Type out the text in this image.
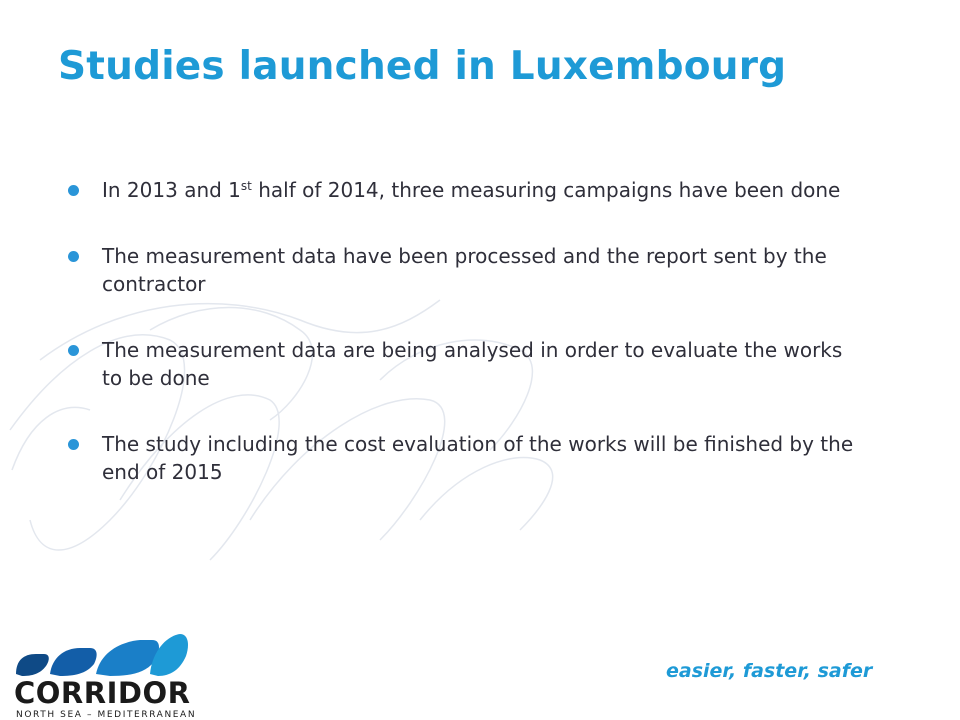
Studies launched in Luxembourg
In 2013 and 1st half of 2014, three measuring campaigns have been done
The measurement data have been processed and the report sent by the contractor
The measurement data are being analysed in order to evaluate the works to be done
The study including the cost evaluation of the works will be finished by the end of 2015
CORRIDOR
NORTH SEA – MEDITERRANEAN
easier, faster, safer
